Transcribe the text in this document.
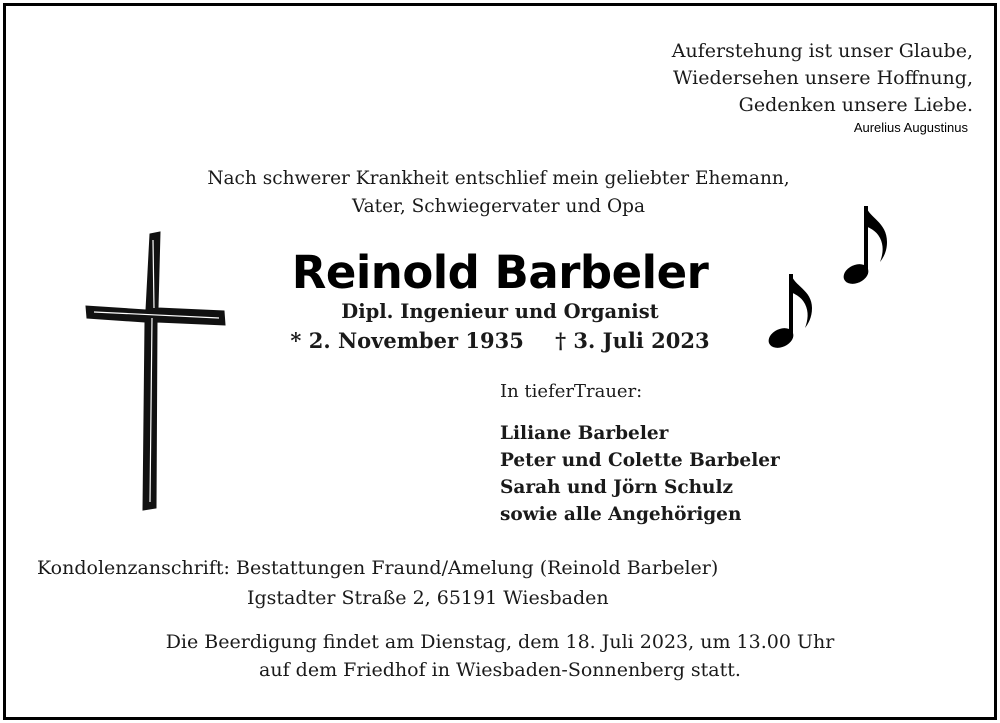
Auferstehung ist unser Glaube,
Wiedersehen unsere Hoffnung,
Gedenken unsere Liebe.
Aurelius Augustinus
Nach schwerer Krankheit entschlief mein geliebter Ehemann,
Vater, Schwiegervater und Opa
Reinold Barbeler
Dipl. Ingenieur und Organist
* 2. November 1935 † 3. Juli 2023
In tieferTrauer:
Liliane Barbeler
Peter und Colette Barbeler
Sarah und Jörn Schulz
sowie alle Angehörigen
Kondolenzanschrift: Bestattungen Fraund/Amelung (Reinold Barbeler)
Igstadter Straße 2, 65191 Wiesbaden
Die Beerdigung findet am Dienstag, dem 18. Juli 2023, um 13.00 Uhr
auf dem Friedhof in Wiesbaden-Sonnenberg statt.
